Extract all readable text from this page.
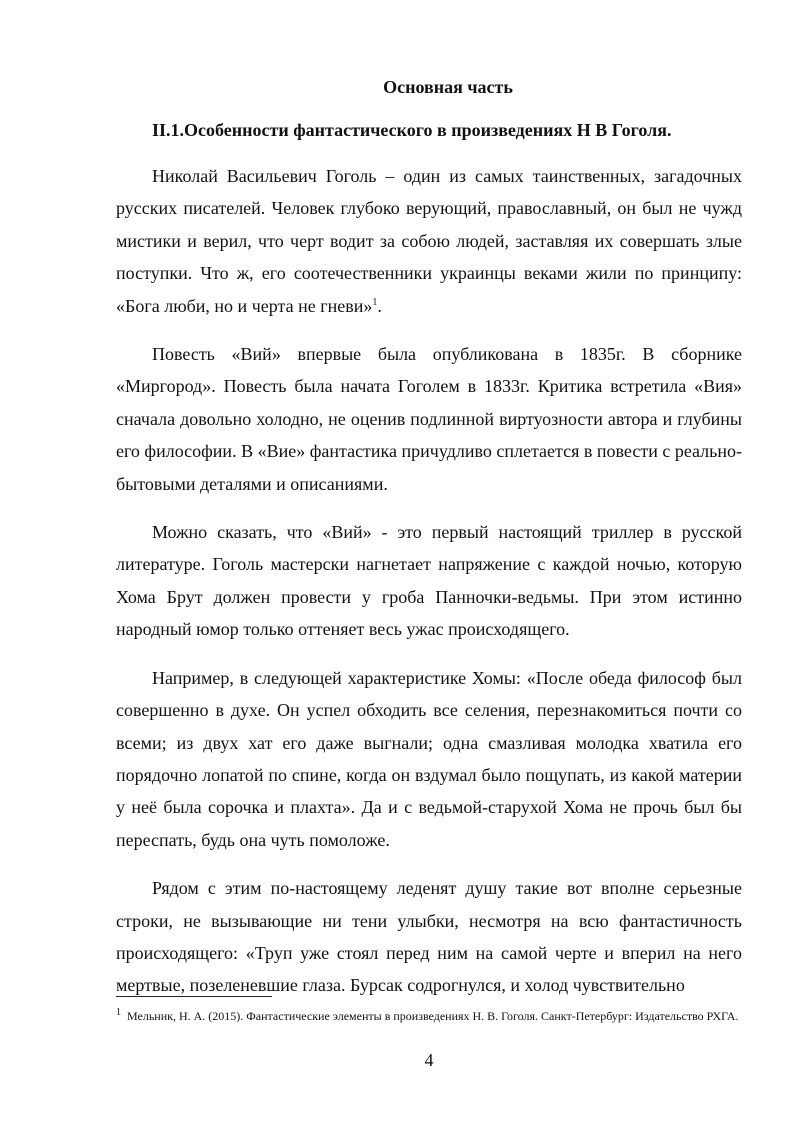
Основная часть
II.1.Особенности фантастического в произведениях Н В Гоголя.

Николай Васильевич Гоголь – один из самых таинственных, загадочных русских писателей. Человек глубоко верующий, православный, он был не чужд мистики и верил, что черт водит за собою людей, заставляя их совершать злые поступки. Что ж, его соотечественники украинцы веками жили по принципу: «Бога люби, но и черта не гневи»$^1$.

Повесть «Вий» впервые была опубликована в 1835г. В сборнике «Миргород». Повесть была начата Гоголем в 1833г. Критика встретила «Вия» сначала довольно холодно, не оценив подлинной виртуозности автора и глубины его философии. В «Вие» фантастика причудливо сплетается в повести с реально-бытовыми деталями и описаниями.

Можно сказать, что «Вий» - это первый настоящий триллер в русской литературе. Гоголь мастерски нагнетает напряжение с каждой ночью, которую Хома Брут должен провести у гроба Панночки-ведьмы. При этом истинно народный юмор только оттеняет весь ужас происходящего.

Например, в следующей характеристике Хомы: «После обеда философ был совершенно в духе. Он успел обходить все селения, перезнакомиться почти со всеми; из двух хат его даже выгнали; одна смазливая молодка хватила его порядочно лопатой по спине, когда он вздумал было пощупать, из какой материи у неё была сорочка и плахта». Да и с ведьмой-старухой Хома не прочь был бы переспать, будь она чуть помоложе.

Рядом с этим по-настоящему леденят душу такие вот вполне серьезные строки, не вызывающие ни тени улыбки, несмотря на всю фантастичность происходящего: «Труп уже стоял перед ним на самой черте и вперил на него мертвые, позеленевшие глаза. Бурсак содрогнулся, и холод чувствительно

$^1$ Мельник, Н. А. (2015). Фантастические элементы в произведениях Н. В. Гоголя. Санкт-Петербург: Издательство РХГА.
4
